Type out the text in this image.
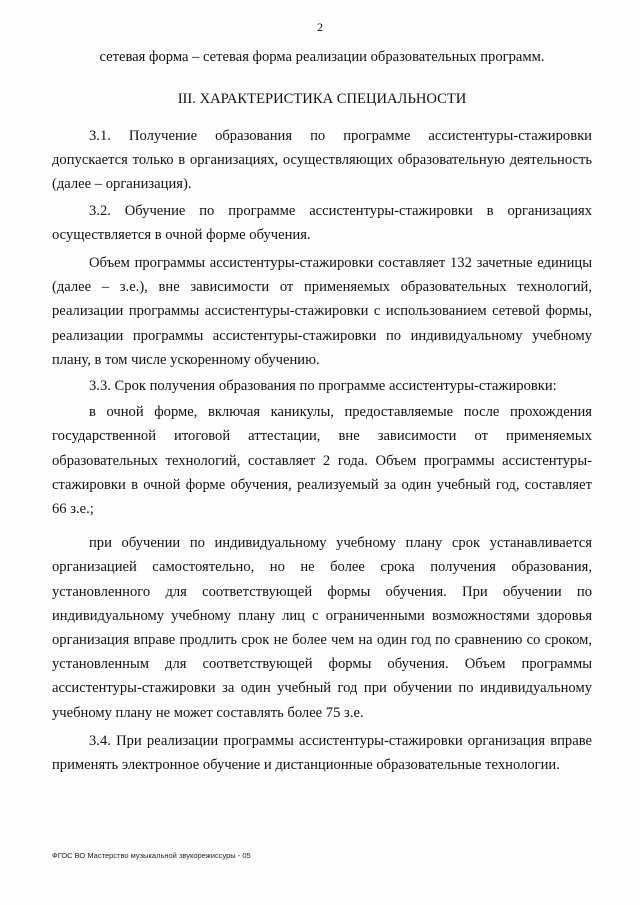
2

сетевая форма – сетевая форма реализации образовательных программ.

III. ХАРАКТЕРИСТИКА СПЕЦИАЛЬНОСТИ

3.1. Получение образования по программе ассистентуры-стажировки допускается только в организациях, осуществляющих образовательную деятельность (далее – организация).

3.2. Обучение по программе ассистентуры-стажировки в организациях осуществляется в очной форме обучения.

Объем программы ассистентуры-стажировки составляет 132 зачетные единицы (далее – з.е.), вне зависимости от применяемых образовательных технологий, реализации программы ассистентуры-стажировки с использованием сетевой формы, реализации программы ассистентуры-стажировки по индивидуальному учебному плану, в том числе ускоренному обучению.

3.3. Срок получения образования по программе ассистентуры-стажировки:

в очной форме, включая каникулы, предоставляемые после прохождения государственной итоговой аттестации, вне зависимости от применяемых образовательных технологий, составляет 2 года. Объем программы ассистентуры-стажировки в очной форме обучения, реализуемый за один учебный год, составляет 66 з.е.;

при обучении по индивидуальному учебному плану срок устанавливается организацией самостоятельно, но не более срока получения образования, установленного для соответствующей формы обучения. При обучении по индивидуальному учебному плану лиц с ограниченными возможностями здоровья организация вправе продлить срок не более чем на один год по сравнению со сроком, установленным для соответствующей формы обучения. Объем программы ассистентуры-стажировки за один учебный год при обучении по индивидуальному учебному плану не может составлять более 75 з.е.

3.4. При реализации программы ассистентуры-стажировки организация вправе применять электронное обучение и дистанционные образовательные технологии.

ФГОС ВО Мастерство музыкальной звукорежиссуры - 05
